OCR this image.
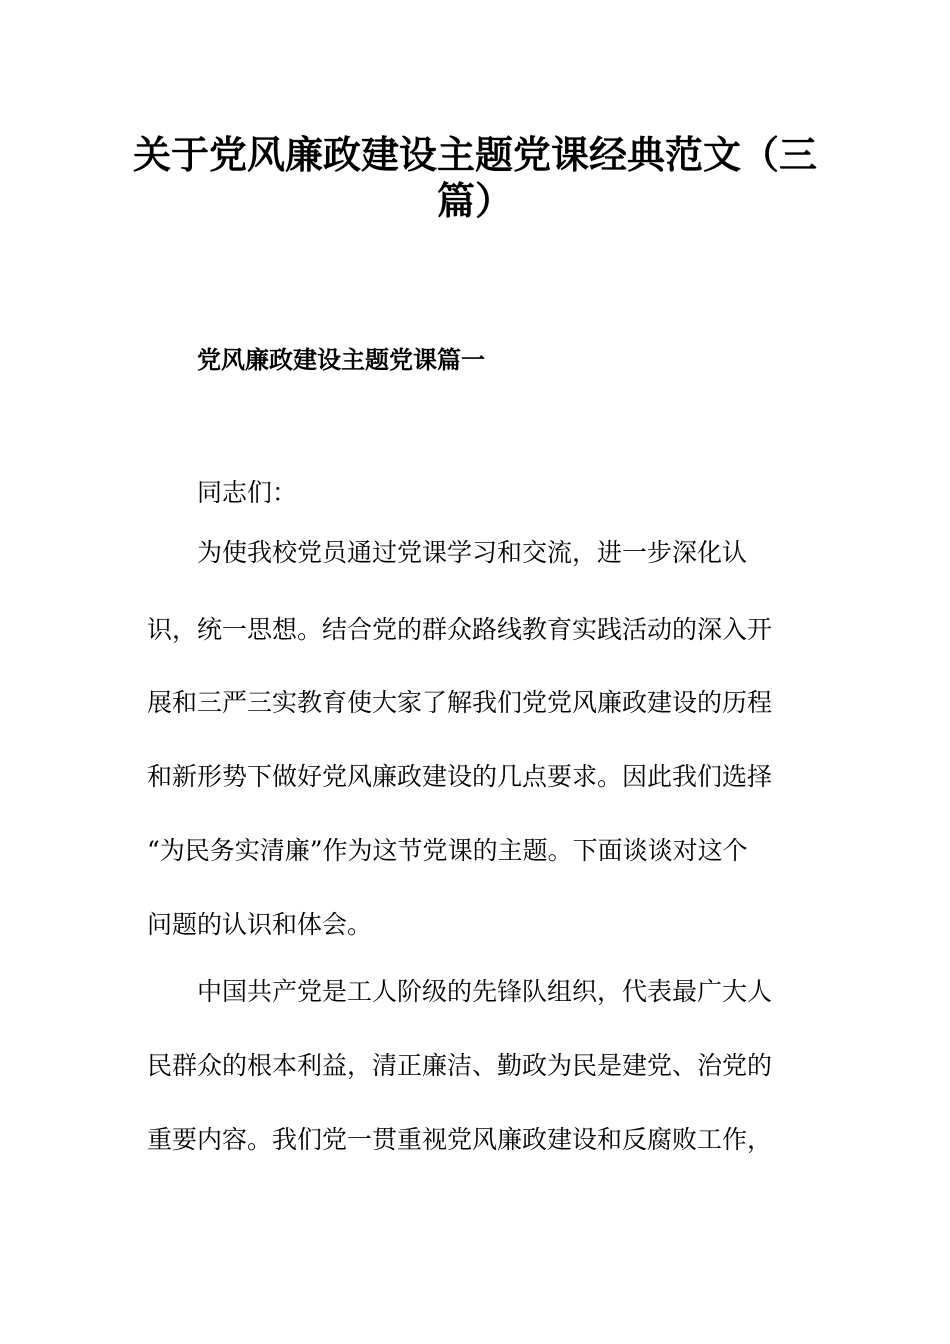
关于党风廉政建设主题党课经典范文（三
篇）
党风廉政建设主题党课篇一
同志们：
为使我校党员通过党课学习和交流，进一步深化认
识，统一思想。结合党的群众路线教育实践活动的深入开
展和三严三实教育使大家了解我们党党风廉政建设的历程
和新形势下做好党风廉政建设的几点要求。因此我们选择
“为民务实清廉”作为这节党课的主题。下面谈谈对这个
问题的认识和体会。
中国共产党是工人阶级的先锋队组织，代表最广大人
民群众的根本利益，清正廉洁、勤政为民是建党、治党的
重要内容。我们党一贯重视党风廉政建设和反腐败工作，
